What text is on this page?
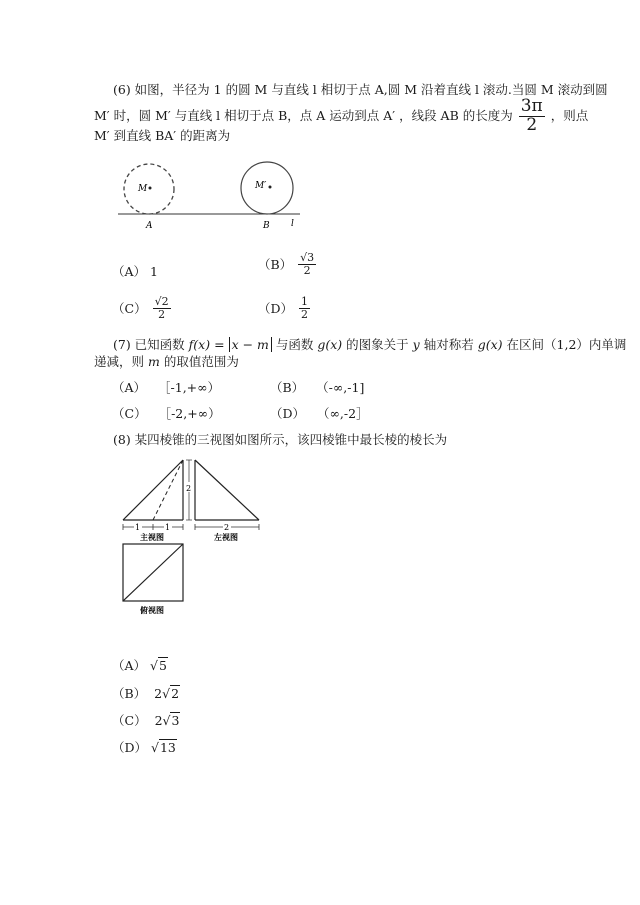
(6) 如图，半径为 1 的圆 M 与直线 l 相切于点 A,圆 M 沿着直线 l 滚动.当圆 M 滚动到圆
M′ 时，圆 M′ 与直线 l 相切于点 B，点 A 运动到点 A′ ，线段 AB 的长度为 $\frac{3\pi}{2}$ ，则点
M′ 到直线 BA′ 的距离为
M	M′
A	B l
（A） 1	$(B) \frac{√3}{2}$
$(C) \frac{√2}{2}$	$(D) \frac{1}{2}$
(7) 已知函数 f(x) = x − m 与函数 g(x) 的图象关于 y 轴对称若 g(x) 在区间（1,2）内单调
递减，则 m 的取值范围为
（A） ［-1,+∞）	（B） （-∞,-1]
（C） ［-2,+∞）	（D） （∞,-2］
(8) 某四棱锥的三视图如图所示，该四棱锥中最长棱的棱长为
1	1
主视图
2
2
左视图
俯视图
（A） √5
（B） 2√2
（C） 2√3
（D） √13
